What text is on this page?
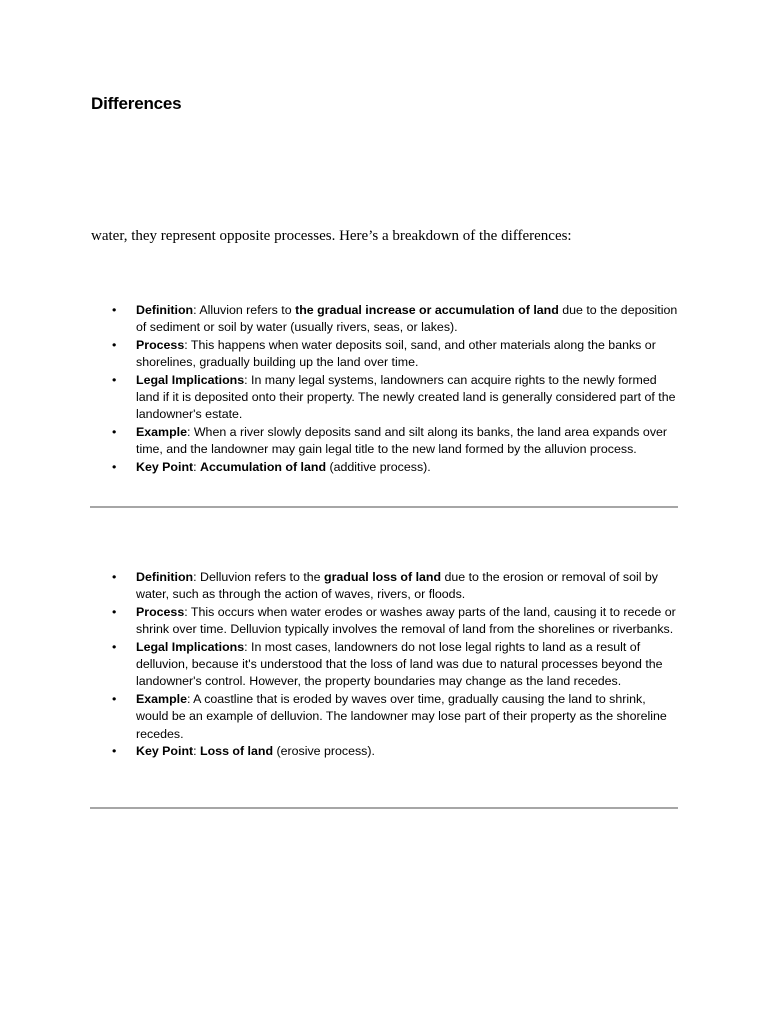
Differences

water, they represent opposite processes. Here’s a breakdown of the differences:

• Definition: Alluvion refers to the gradual increase or accumulation of land due to the deposition of sediment or soil by water (usually rivers, seas, or lakes).
• Process: This happens when water deposits soil, sand, and other materials along the banks or shorelines, gradually building up the land over time.
• Legal Implications: In many legal systems, landowners can acquire rights to the newly formed land if it is deposited onto their property. The newly created land is generally considered part of the landowner's estate.
• Example: When a river slowly deposits sand and silt along its banks, the land area expands over time, and the landowner may gain legal title to the new land formed by the alluvion process.
• Key Point: Accumulation of land (additive process).
• Definition: Delluvion refers to the gradual loss of land due to the erosion or removal of soil by water, such as through the action of waves, rivers, or floods.
• Process: This occurs when water erodes or washes away parts of the land, causing it to recede or shrink over time. Delluvion typically involves the removal of land from the shorelines or riverbanks.
• Legal Implications: In most cases, landowners do not lose legal rights to land as a result of delluvion, because it's understood that the loss of land was due to natural processes beyond the landowner's control. However, the property boundaries may change as the land recedes.
• Example: A coastline that is eroded by waves over time, gradually causing the land to shrink, would be an example of delluvion. The landowner may lose part of their property as the shoreline recedes.
• Key Point: Loss of land (erosive process).
